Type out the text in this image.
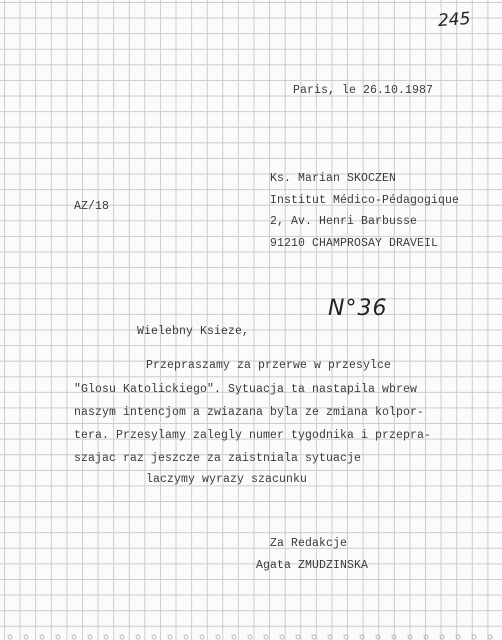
245
Paris, le 26.10.1987
Ks. Marian SKOCZEN
Institut Médico-Pédagogique
AZ/18
2, Av. Henri Barbusse
91210 CHAMPROSAY DRAVEIL
N°36
Wielebny Ksieze,
Przepraszamy za przerwe w przesylce
"Glosu Katolickiego". Sytuacja ta nastapila wbrew
naszym intencjom a zwiazana byla ze zmiana kolpor-
tera. Przesylamy zalegly numer tygodnika i przepra-
szajac raz jeszcze za zaistniala sytuacje
laczymy wyrazy szacunku
Za Redakcje
Agata ZMUDZINSKA
